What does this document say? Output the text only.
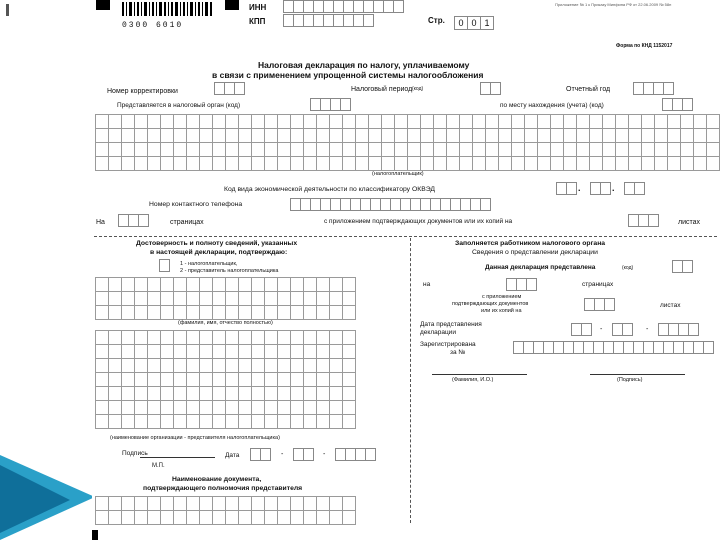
0300 6010
ИНН
КПП	Стр.	0 0 1
Приложение № 1 к Приказу Минфина РФ от 22.06.2009 № 58н
Форма по КНД 1152017
Налоговая декларация по налогу, уплачиваемому
в связи с применением упрощенной системы налогообложения
Номер корректировки	Налоговый период (код)	Отчетный год
Представляется в налоговый орган (код)	по месту нахождения (учета) (код)
(налогоплательщик)
Код вида экономической деятельности по классификатору ОКВЭД	.	.
Номер контактного телефона
На	страницах	с приложением подтверждающих документов или их копий на	листах
Достоверность и полноту сведений, указанных
в настоящей декларации, подтверждаю:
1 - налогоплательщик,
2 - представитель налогоплательщика
(фамилия, имя, отчество полностью)
(наименование организации - представителя налогоплательщика)
Подпись	Дата	-	-
М.П.
Наименование документа,
подтверждающего полномочия представителя
Заполняется работником налогового органа
Сведения о представлении декларации
Данная декларация представлена	(код)
на	страницах
с приложением
подтверждающих документов
или их копий на
листах
Дата представления
декларации	-	-
Зарегистрирована
за №
(Фамилия, И.О.)	(Подпись)
